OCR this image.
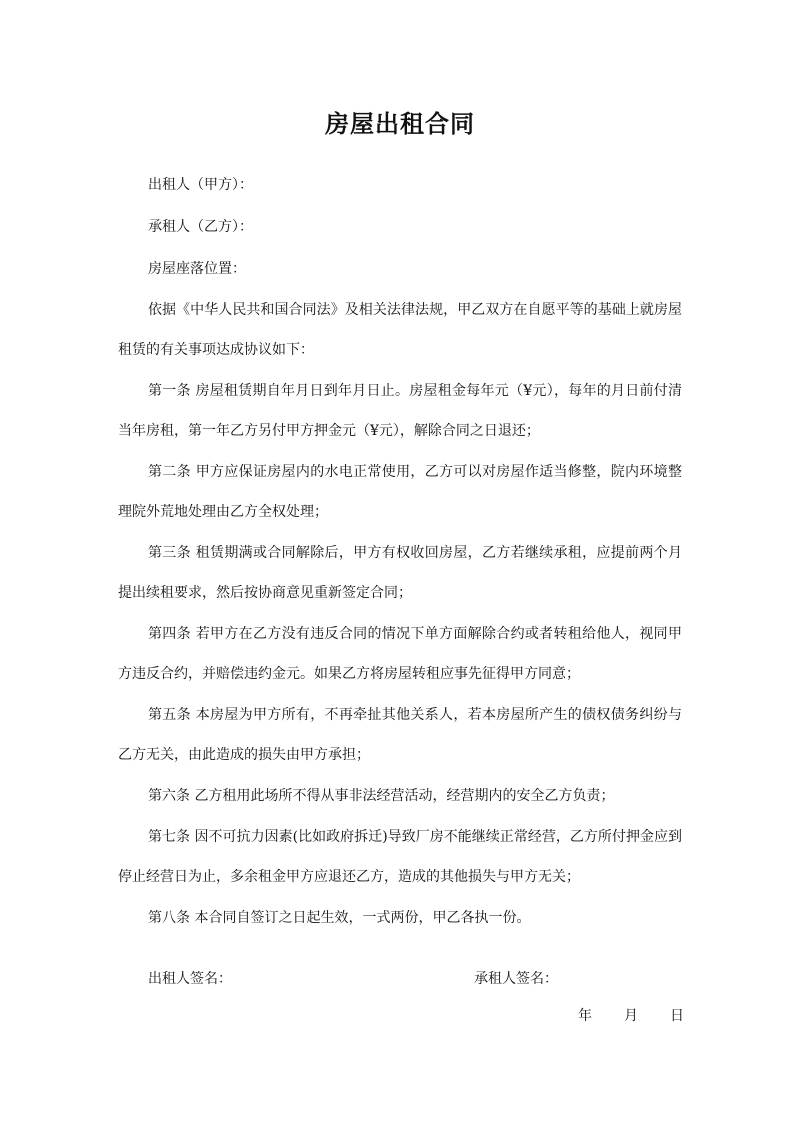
房屋出租合同
出租人（甲方）：
承租人（乙方）：
房屋座落位置：
依据《中华人民共和国合同法》及相关法律法规，甲乙双方在自愿平等的基础上就房屋租赁的有关事项达成协议如下：
第一条 房屋租赁期自年月日到年月日止。房屋租金每年元（¥元），每年的月日前付清当年房租，第一年乙方另付甲方押金元（¥元），解除合同之日退还；
第二条 甲方应保证房屋内的水电正常使用，乙方可以对房屋作适当修整，院内环境整理院外荒地处理由乙方全权处理；
第三条 租赁期满或合同解除后，甲方有权收回房屋，乙方若继续承租，应提前两个月提出续租要求，然后按协商意见重新签定合同；
第四条 若甲方在乙方没有违反合同的情况下单方面解除合约或者转租给他人，视同甲方违反合约，并赔偿违约金元。如果乙方将房屋转租应事先征得甲方同意；
第五条 本房屋为甲方所有，不再牵扯其他关系人，若本房屋所产生的债权债务纠纷与乙方无关，由此造成的损失由甲方承担；
第六条 乙方租用此场所不得从事非法经营活动，经营期内的安全乙方负责；
第七条 因不可抗力因素(比如政府拆迁)导致厂房不能继续正常经营，乙方所付押金应到停止经营日为止，多余租金甲方应退还乙方，造成的其他损失与甲方无关；
第八条 本合同自签订之日起生效，一式两份，甲乙各执一份。
出租人签名：	承租人签名：
年 月 日
